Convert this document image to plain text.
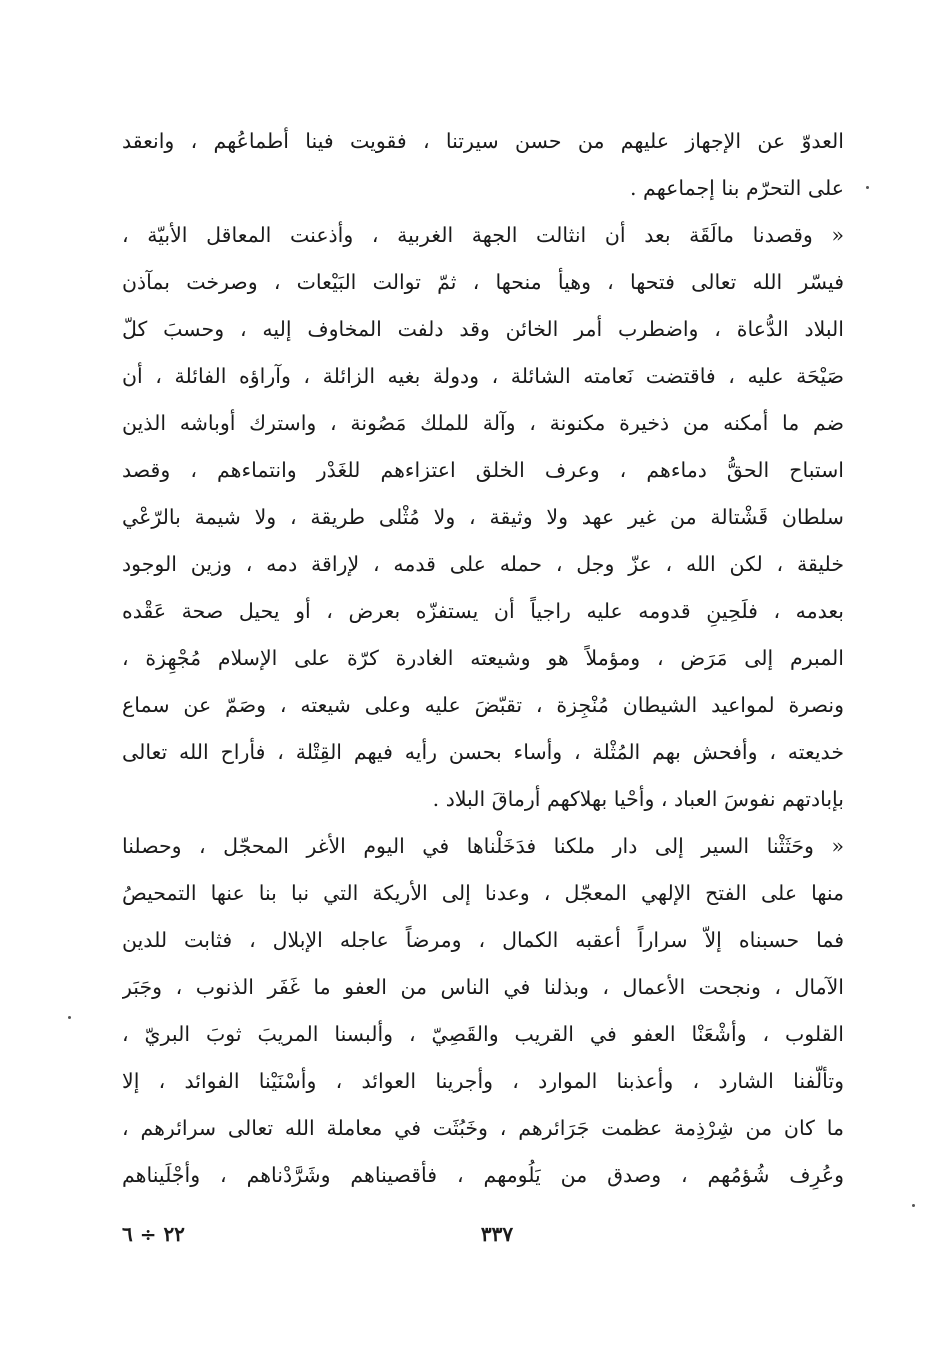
العدوّ عن الإجهاز عليهم من حسن سيرتنا ، فقويت فينا أطماعُهم ، وانعقد
على التحرّم بنا إجماعهم .
« وقصدنا مالَقَة بعد أن انثالت الجهة الغربية ، وأذعنت المعاقل الأبيّة ،
فيسّر الله تعالى فتحها ، وهيأ منحها ، ثمّ توالت البَيْعات ، وصرخت بمآذن
البلاد الدُّعاة ، واضطرب أمر الخائن وقد دلفت المخاوف إليه ، وحسبَ كلّ
صَيْحَة عليه ، فاقتضت نَعامته الشائلة ، ودولة بغيه الزائلة ، وآراؤه الفائلة ، أن
ضم ما أمكنه من ذخيرة مكنونة ، وآلة للملك مَصُونة ، واسترك أوباشه الذين
استباح الحقُّ دماءهم ، وعرف الخلق اعتزاءهم للغَدْر وانتماءهم ، وقصد
سلطان قَشْتالة من غير عهد ولا وثيقة ، ولا مُثْلى طريقة ، ولا شيمة بالرّعْي
خليقة ، لكن الله ، عزّ وجل ، حمله على قدمه ، لإراقة دمه ، وزين الوجود
بعدمه ، فلَحِينِ قدومه عليه راجياً أن يستفزّه بعرض ، أو يحيل صحة عَقْده
المبرم إلى مَرَض ، ومؤملاً هو وشيعته الغادرة كرّة على الإسلام مُجْهِزة ،
ونصرة لمواعيد الشيطان مُنْجِزة ، تقبّضَ عليه وعلى شيعته ، وصَمّ عن سماع
خديعته ، وأفحش بهم المُثْلة ، وأساء بحسن رأيه فيهم القِتْلة ، فأراح الله تعالى
بإبادتهم نفوسَ العباد ، وأحْيا بهلاكهم أرماقَ البلاد .
« وحَثَثْنا السير إلى دار ملكنا فدَخَلْناها في اليوم الأغر المحجّل ، وحصلنا
منها على الفتح الإلهي المعجّل ، وعدنا إلى الأريكة التي نبا بنا عنها التمحيصُ
فما حسبناه إلاّ سراراً أعقبه الكمال ، ومرضاً عاجله الإبلال ، فثابت للدين
الآمال ، ونجحت الأعمال ، وبذلنا في الناس من العفو ما غَفَر الذنوب ، وجَبَر
القلوب ، وأشْعَنْا العفو في القريب والقَصِيّ ، وألبسنا المريبَ ثوبَ البريّ ،
وتألّفنا الشارد ، وأعذبنا الموارد ، وأجرينا العوائد ، وأسْنَيْنا الفوائد ، إلا
ما كان من شِرْذِمة عظمت جَرَائرهم ، وخَبُثَت في معاملة الله تعالى سرائرهم ،
وعُرِف شُؤمُهم ، وصدق من يَلُومهم ، فأقصيناهم وشَرَّدْناهم ، وأجْلَيناهم
٣٣٧
٢٢ ÷ ٦
